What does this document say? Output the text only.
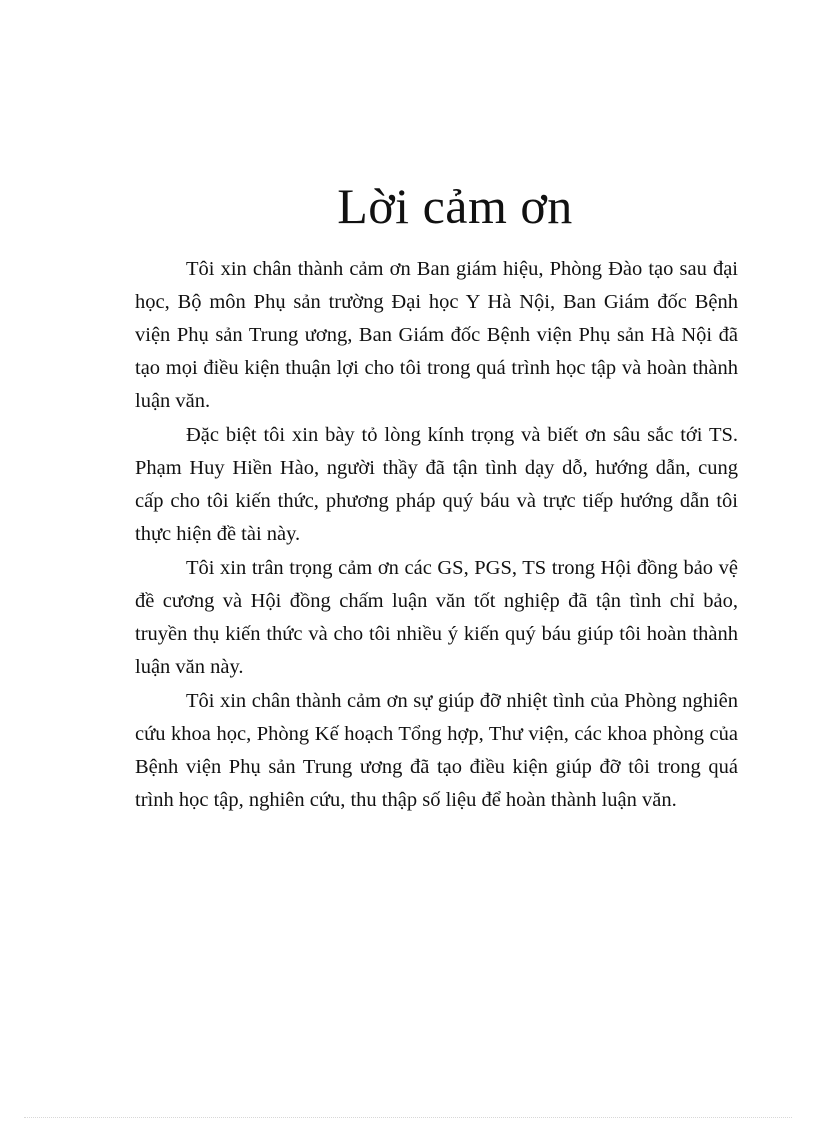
Lời cảm ơn

Tôi xin chân thành cảm ơn Ban giám hiệu, Phòng Đào tạo sau đại học, Bộ môn Phụ sản trường Đại học Y Hà Nội, Ban Giám đốc Bệnh viện Phụ sản Trung ương, Ban Giám đốc Bệnh viện Phụ sản Hà Nội đã tạo mọi điều kiện thuận lợi cho tôi trong quá trình học tập và hoàn thành luận văn.

Đặc biệt tôi xin bày tỏ lòng kính trọng và biết ơn sâu sắc tới TS. Phạm Huy Hiền Hào, người thầy đã tận tình dạy dỗ, hướng dẫn, cung cấp cho tôi kiến thức, phương pháp quý báu và trực tiếp hướng dẫn tôi thực hiện đề tài này.

Tôi xin trân trọng cảm ơn các GS, PGS, TS trong Hội đồng bảo vệ đề cương và Hội đồng chấm luận văn tốt nghiệp đã tận tình chỉ bảo, truyền thụ kiến thức và cho tôi nhiều ý kiến quý báu giúp tôi hoàn thành luận văn này.

Tôi xin chân thành cảm ơn sự giúp đỡ nhiệt tình của Phòng nghiên cứu khoa học, Phòng Kế hoạch Tổng hợp, Thư viện, các khoa phòng của Bệnh viện Phụ sản Trung ương đã tạo điều kiện giúp đỡ tôi trong quá trình học tập, nghiên cứu, thu thập số liệu để hoàn thành luận văn.
